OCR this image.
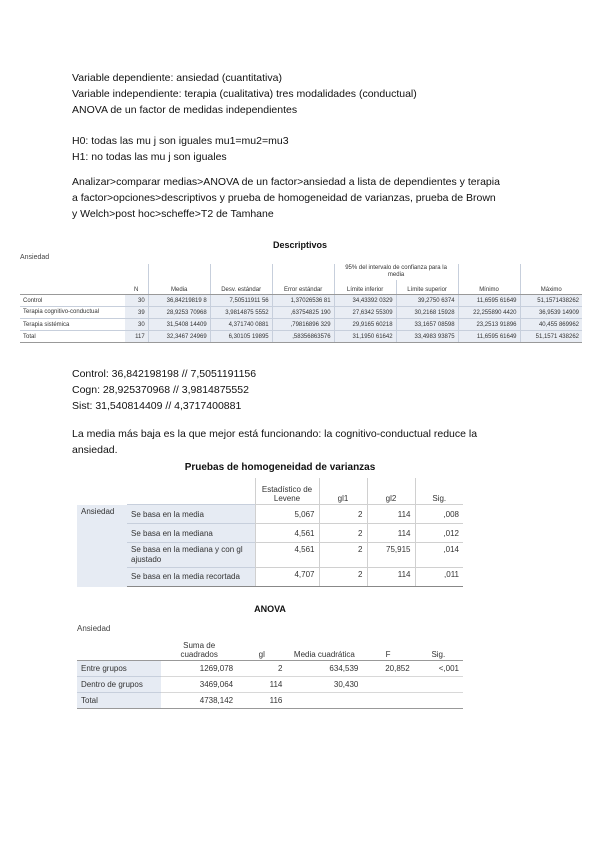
Variable dependiente: ansiedad (cuantitativa)
Variable independiente: terapia (cualitativa) tres modalidades (conductual)
ANOVA de un factor de medidas independientes
H0: todas las mu j son iguales mu1=mu2=mu3
H1: no todas las mu j son iguales
Analizar>comparar medias>ANOVA de un factor>ansiedad a lista de dependientes y terapia
a factor>opciones>descriptivos y prueba de homogeneidad de varianzas, prueba de Brown
y Welch>post hoc>scheffe>T2 de Tamhane
Descriptivos
Ansiedad
					95% del intervalo de confianza para la media			
	N	Media	Desv. estándar	Error estándar	Límite inferior	Límite superior	Mínimo	Máximo
Control	30	36,84219819 8	7,50511911 56	1,37026536 81	34,43392 0329	39,2750 6374	11,6595 61649	51,1571438262
Terapia cognitivo-conductual	39	28,9253 70968	3,9814875 5552	,63754825 190	27,6342 55309	30,2168 15928	22,255890 4420	36,9539 14909
Terapia sistémica	30	31,5408 14409	4,371740 0881	,79816896 329	29,9165 60218	33,1657 08598	23,2513 91896	40,455 869962
Total	117	32,3467 24969	6,30105 19895	,58356863576	31,1950 61642	33,4983 93875	11,6595 61649	51,1571 438262
Control: 36,842198198 // 7,5051191156
Cogn: 28,925370968 // 3,9814875552
Sist: 31,540814409 // 4,3717400881
La media más baja es la que mejor está funcionando: la cognitivo-conductual reduce la
ansiedad.
Pruebas de homogeneidad de varianzas
		Estadístico de Levene	gl1	gl2	Sig.
Ansiedad	Se basa en la media	5,067	2	114	,008
	Se basa en la mediana	4,561	2	114	,012
	Se basa en la mediana y con gl ajustado	4,561	2	75,915	,014
	Se basa en la media recortada	4,707	2	114	,011
ANOVA
Ansiedad
	Suma de cuadrados	gl	Media cuadrática	F	Sig.
Entre grupos	1269,078	2	634,539	20,852	<,001
Dentro de grupos	3469,064	114	30,430		
Total	4738,142	116			
